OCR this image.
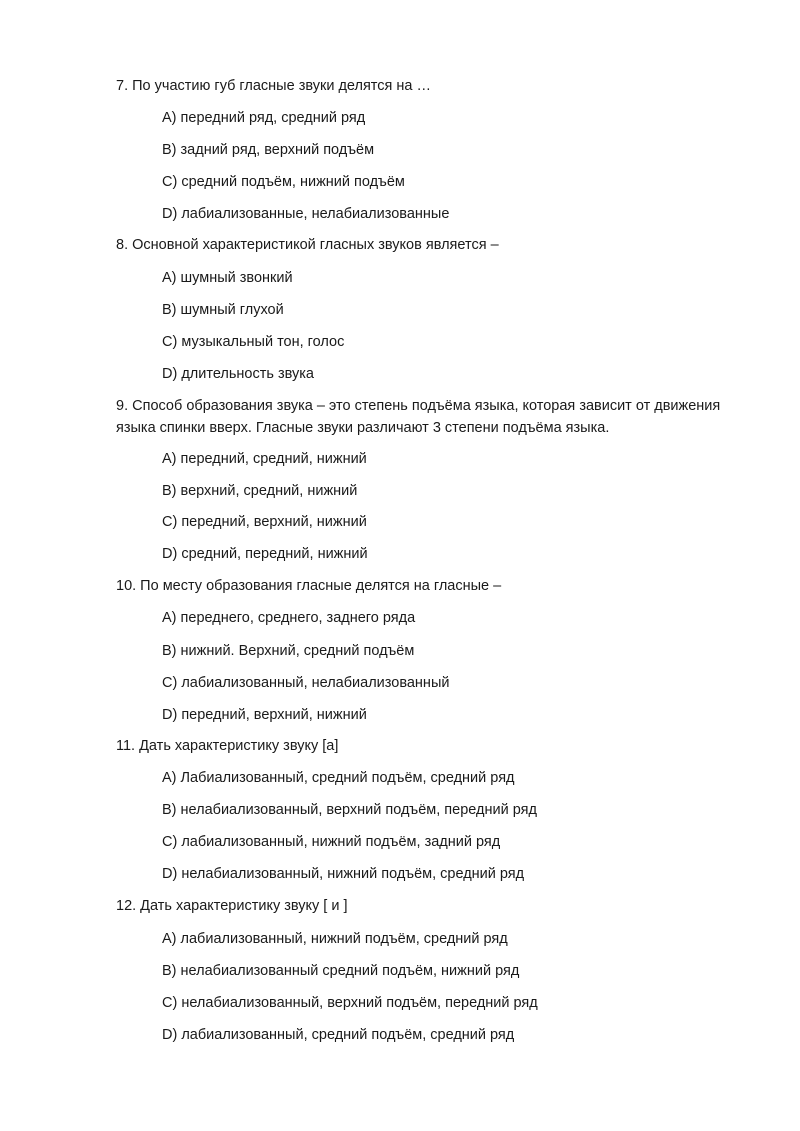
7. По участию губ гласные звуки делятся на …
A) передний ряд, средний ряд
B) задний ряд, верхний подъём
C) средний подъём, нижний подъём
D) лабиализованные, нелабиализованные
8. Основной характеристикой гласных звуков является –
A) шумный звонкий
B) шумный глухой
C) музыкальный тон, голос
D) длительность звука
9. Способ образования звука – это степень подъёма языка, которая зависит от движения языка спинки вверх. Гласные звуки различают 3 степени подъёма языка.
A) передний, средний, нижний
B) верхний, средний, нижний
C) передний, верхний, нижний
D) средний, передний, нижний
10. По месту образования гласные делятся на гласные –
A) переднего, среднего, заднего ряда
B) нижний. Верхний, средний подъём
C) лабиализованный, нелабиализованный
D) передний, верхний, нижний
11. Дать характеристику звуку [а]
A) Лабиализованный, средний подъём, средний ряд
B) нелабиализованный, верхний подъём, передний ряд
C) лабиализованный, нижний подъём, задний ряд
D) нелабиализованный, нижний подъём, средний ряд
12. Дать характеристику звуку [ и ]
A) лабиализованный, нижний подъём, средний ряд
B) нелабиализованный средний подъём, нижний ряд
C) нелабиализованный, верхний подъём, передний ряд
D) лабиализованный, средний подъём, средний ряд
